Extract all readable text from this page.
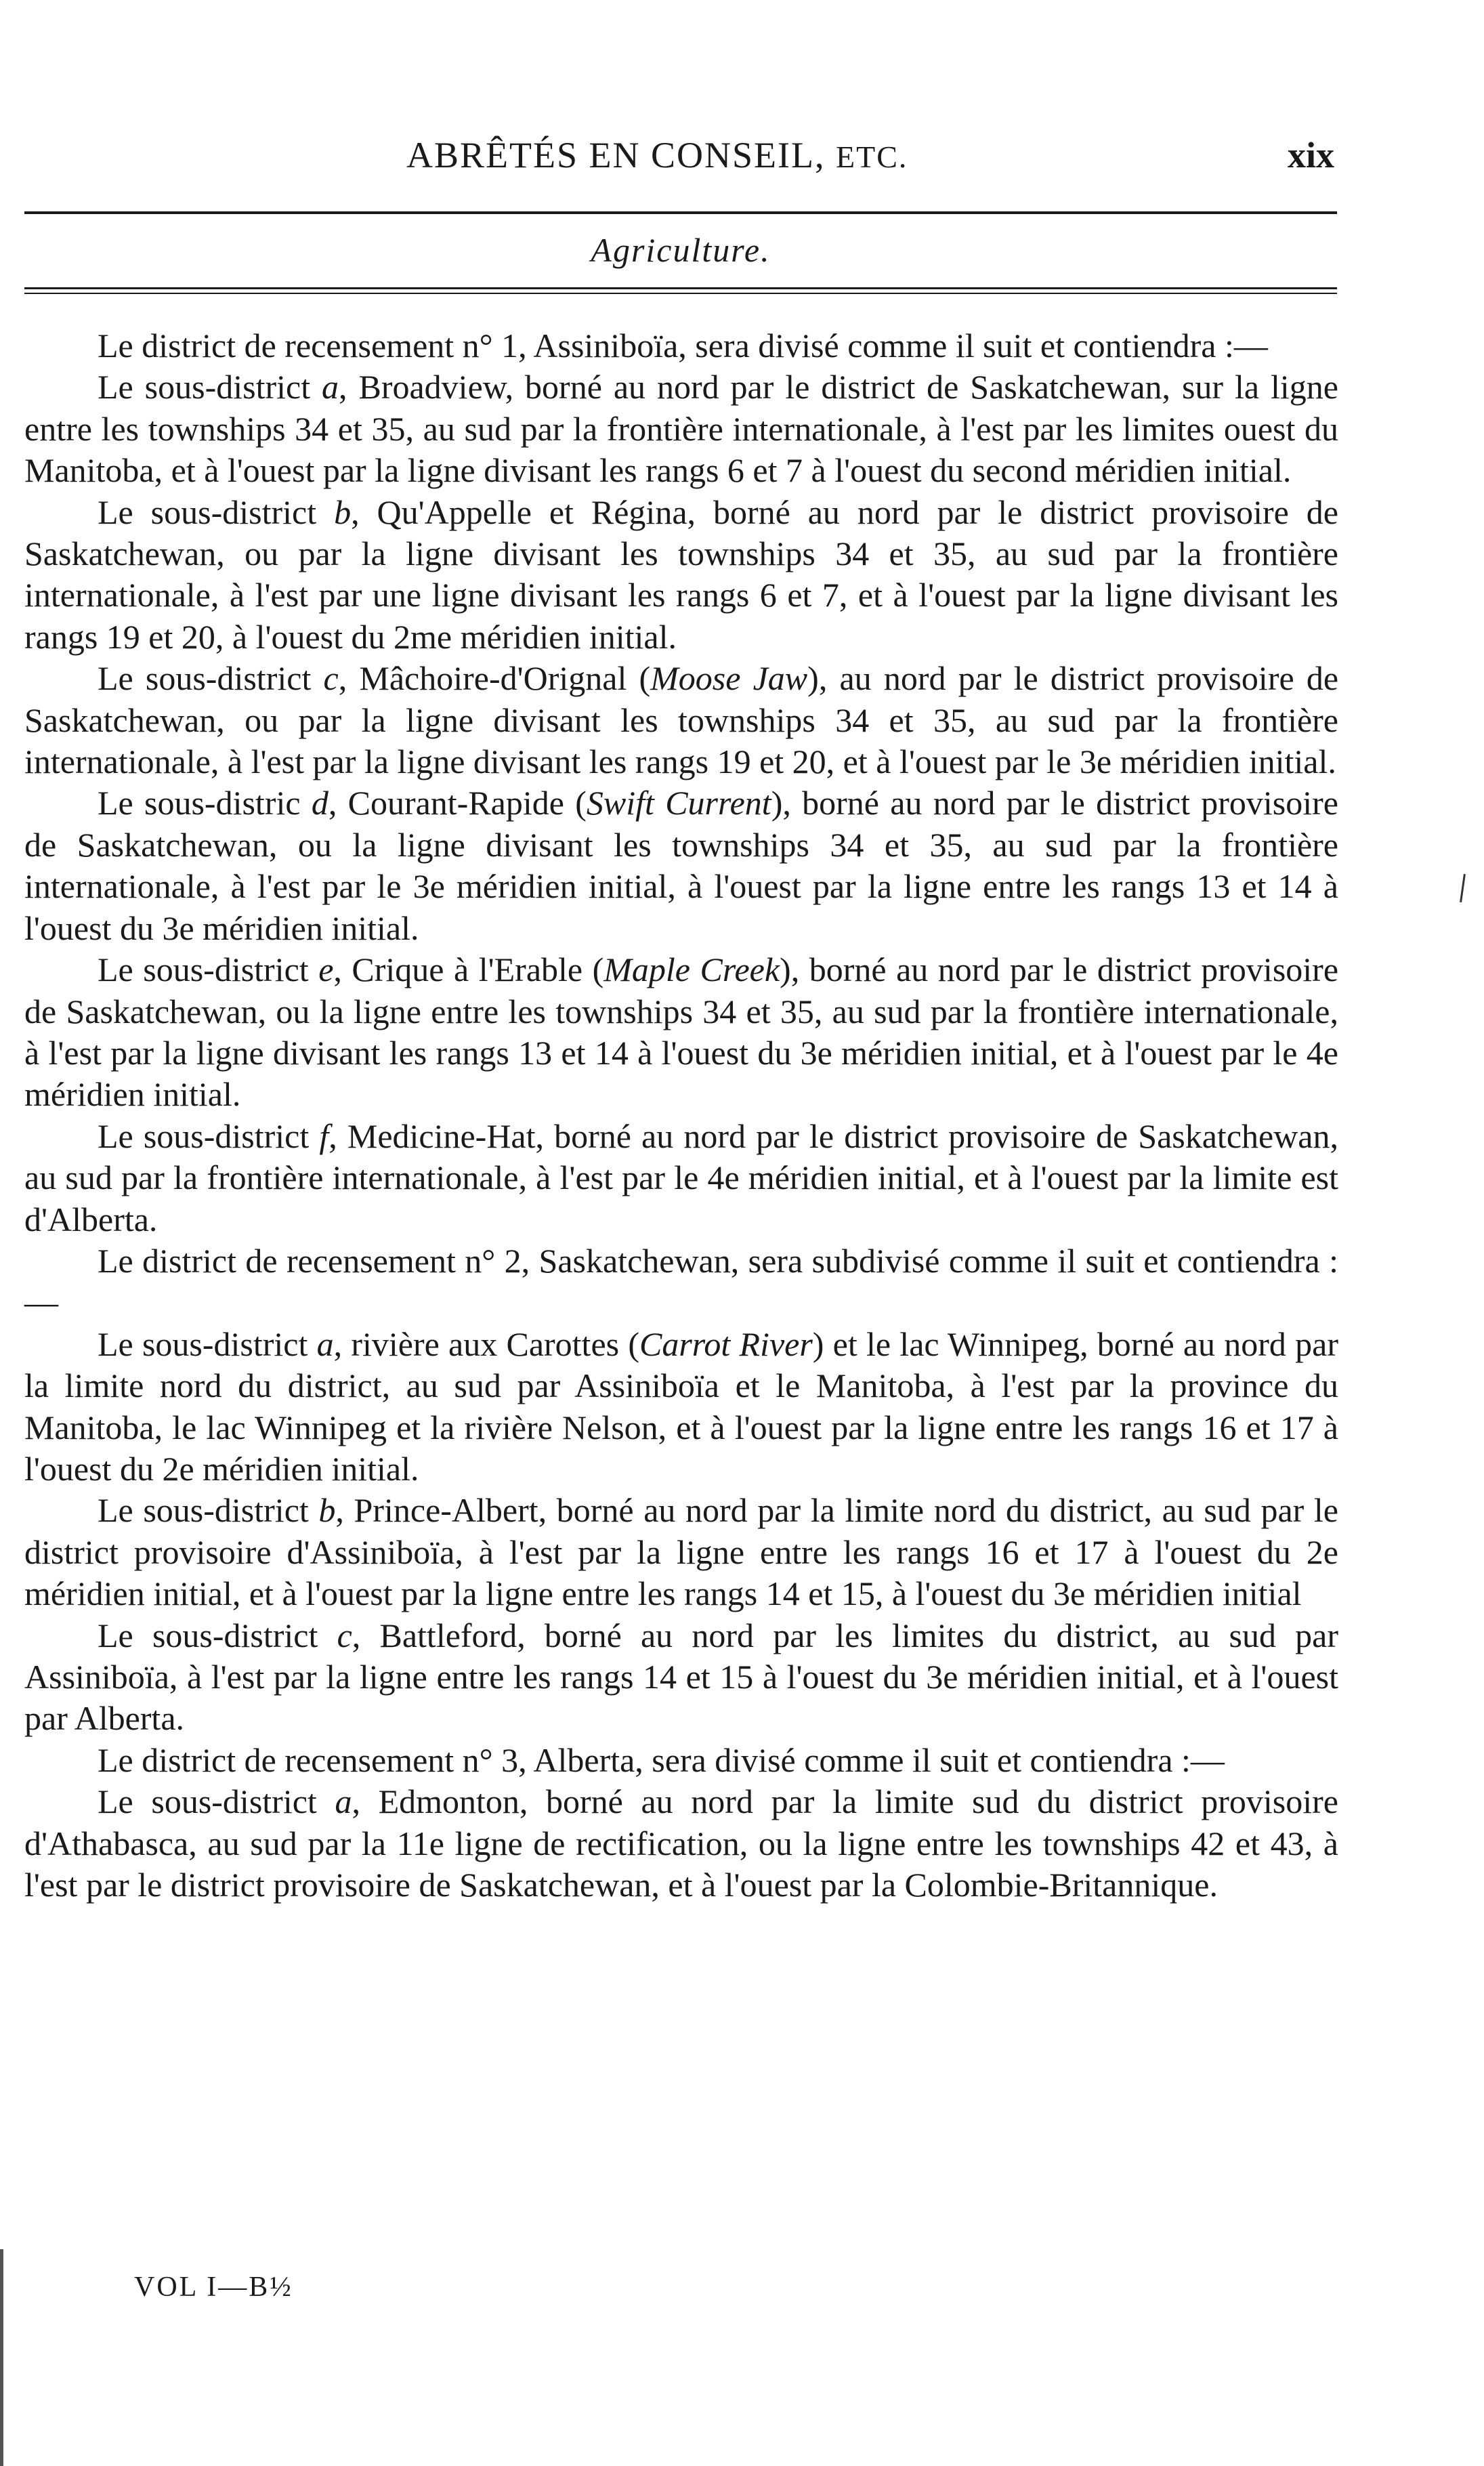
ABRÊTÉS EN CONSEIL, ETC.	xix
Agriculture.

Le district de recensement n° 1, Assiniboïa, sera divisé comme il suit et contiendra :—

Le sous-district a, Broadview, borné au nord par le district de Saskatchewan, sur la ligne entre les townships 34 et 35, au sud par la frontière internationale, à l'est par les limites ouest du Manitoba, et à l'ouest par la ligne divisant les rangs 6 et 7 à l'ouest du second méridien initial.

Le sous-district b, Qu'Appelle et Régina, borné au nord par le district provisoire de Saskatchewan, ou par la ligne divisant les townships 34 et 35, au sud par la frontière internationale, à l'est par une ligne divisant les rangs 6 et 7, et à l'ouest par la ligne divisant les rangs 19 et 20, à l'ouest du 2me méridien initial.

Le sous-district c, Mâchoire-d'Orignal (Moose Jaw), au nord par le district provisoire de Saskatchewan, ou par la ligne divisant les townships 34 et 35, au sud par la frontière internationale, à l'est par la ligne divisant les rangs 19 et 20, et à l'ouest par le 3e méridien initial.

Le sous-distric d, Courant-Rapide (Swift Current), borné au nord par le district provisoire de Saskatchewan, ou la ligne divisant les townships 34 et 35, au sud par la frontière internationale, à l'est par le 3e méridien initial, à l'ouest par la ligne entre les rangs 13 et 14 à l'ouest du 3e méridien initial.

Le sous-district e, Crique à l'Erable (Maple Creek), borné au nord par le district provisoire de Saskatchewan, ou la ligne entre les townships 34 et 35, au sud par la frontière internationale, à l'est par la ligne divisant les rangs 13 et 14 à l'ouest du 3e méridien initial, et à l'ouest par le 4e méridien initial.

Le sous-district f, Medicine-Hat, borné au nord par le district provisoire de Saskatchewan, au sud par la frontière internationale, à l'est par le 4e méridien initial, et à l'ouest par la limite est d'Alberta.

Le district de recensement n° 2, Saskatchewan, sera subdivisé comme il suit et contiendra :—

Le sous-district a, rivière aux Carottes (Carrot River) et le lac Winnipeg, borné au nord par la limite nord du district, au sud par Assiniboïa et le Manitoba, à l'est par la province du Manitoba, le lac Winnipeg et la rivière Nelson, et à l'ouest par la ligne entre les rangs 16 et 17 à l'ouest du 2e méridien initial.

Le sous-district b, Prince-Albert, borné au nord par la limite nord du district, au sud par le district provisoire d'Assiniboïa, à l'est par la ligne entre les rangs 16 et 17 à l'ouest du 2e méridien initial, et à l'ouest par la ligne entre les rangs 14 et 15, à l'ouest du 3e méridien initial

Le sous-district c, Battleford, borné au nord par les limites du district, au sud par Assiniboïa, à l'est par la ligne entre les rangs 14 et 15 à l'ouest du 3e méridien initial, et à l'ouest par Alberta.

Le district de recensement n° 3, Alberta, sera divisé comme il suit et contiendra :—

Le sous-district a, Edmonton, borné au nord par la limite sud du district provisoire d'Athabasca, au sud par la 11e ligne de rectification, ou la ligne entre les townships 42 et 43, à l'est par le district provisoire de Saskatchewan, et à l'ouest par la Colombie-Britannique.

VOL I—B½
